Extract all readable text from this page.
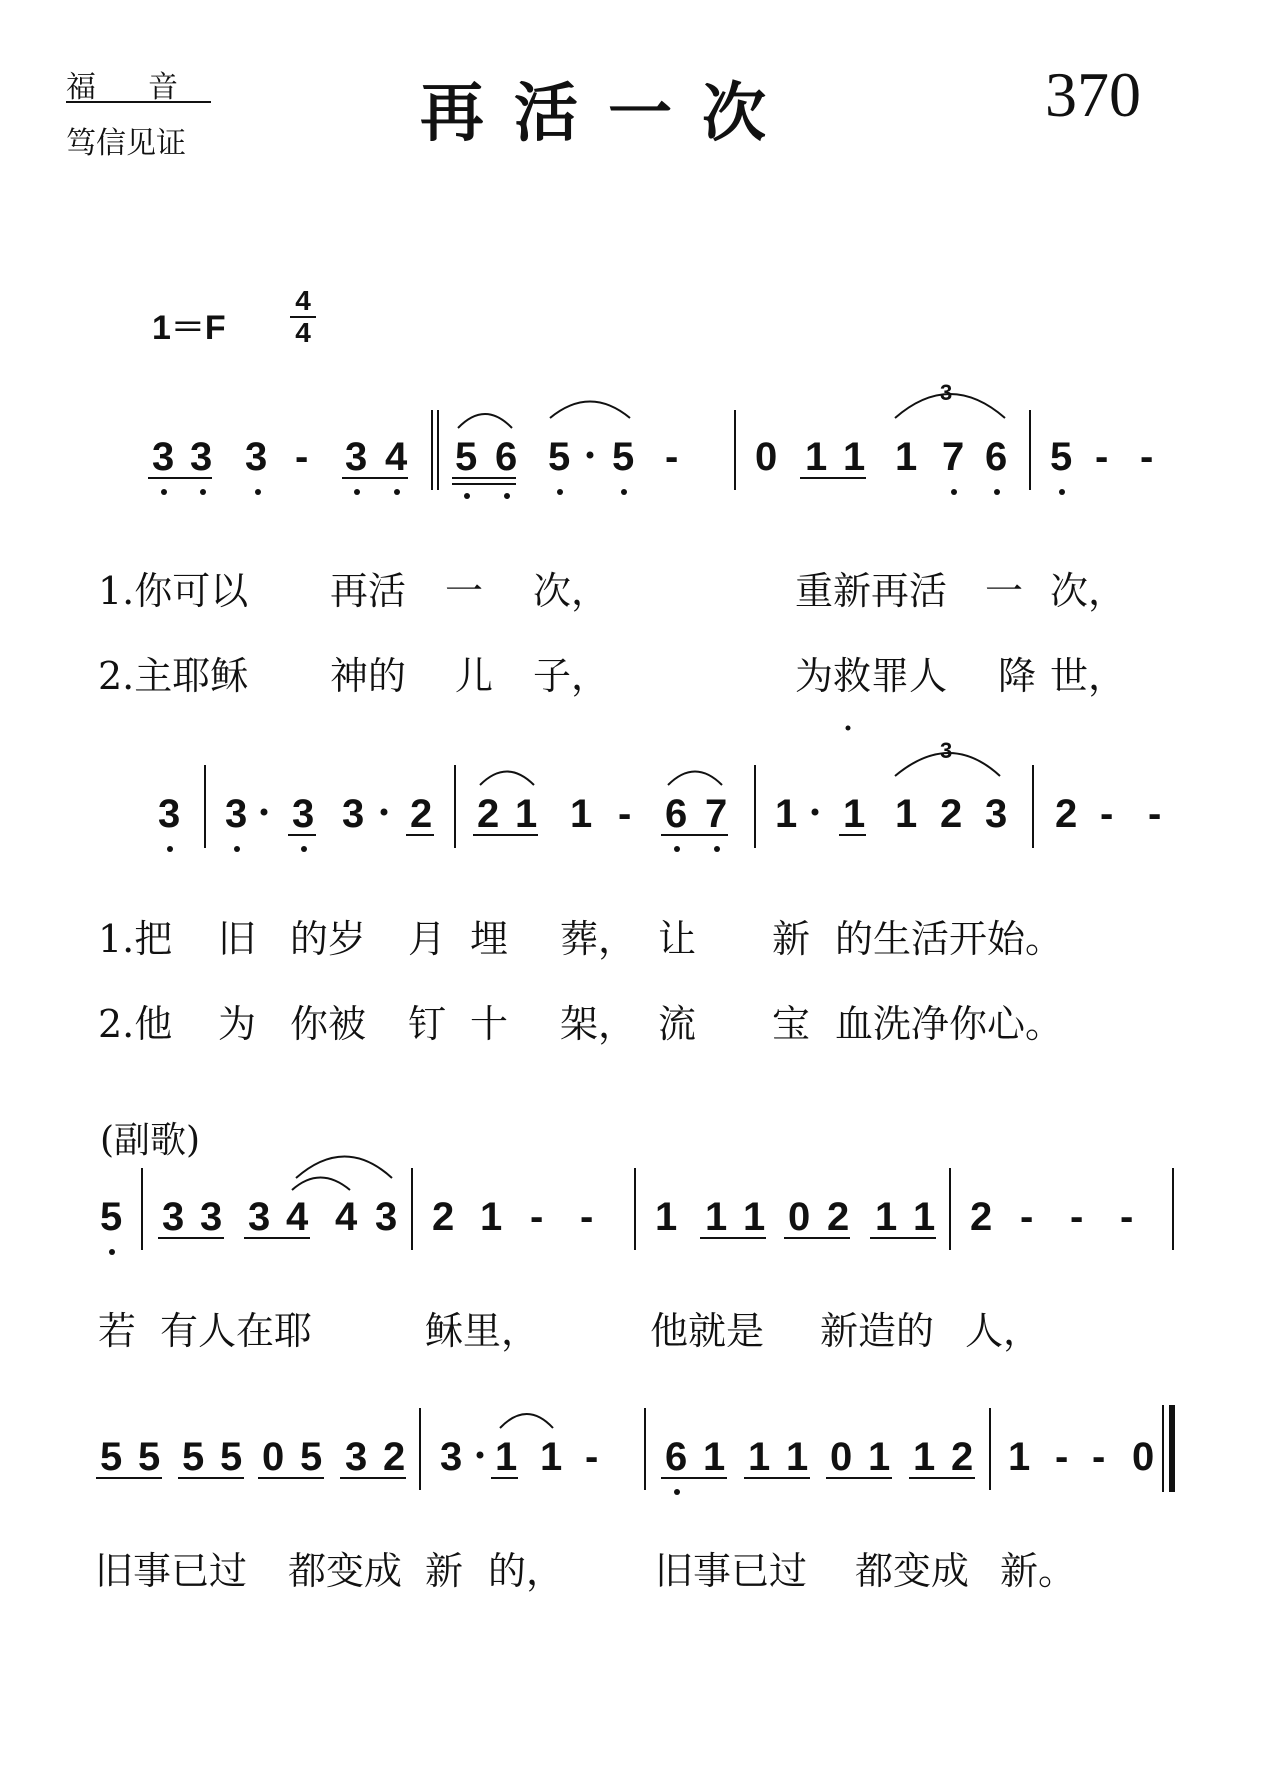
福音
笃信见证	再活一次	370
1＝F
4
4
3 3 3 - 3 4 5 6 5 5 - 0 1 1 1 7 6
3
5 - -
3 3 3 3 2 2 1 1 - 6 7 1 1 1 2 3
3
2 - -
5 3 3 3 4 4 3 2 1 - - 1 1 1 0 2 1 1 2 - - -
5 5 5 5 0 5 3 2 3 1 1 - 6 1 1 1 0 1 1 2 1 - - 0
1.你可以 再活 一 次，	重新再活 一 次，
2.主耶稣 神的 儿 子，	为救罪人 降 世，
1.把 旧 的岁 月 埋 葬， 让 新 的生活开始。
2.他 为 你被 钉 十 架， 流 宝 血洗净你心。
(副歌)
若 有人在耶	稣里，	他就是 新造的 人，
旧事已过 都变成 新 的， 旧事已过 都变成 新。
